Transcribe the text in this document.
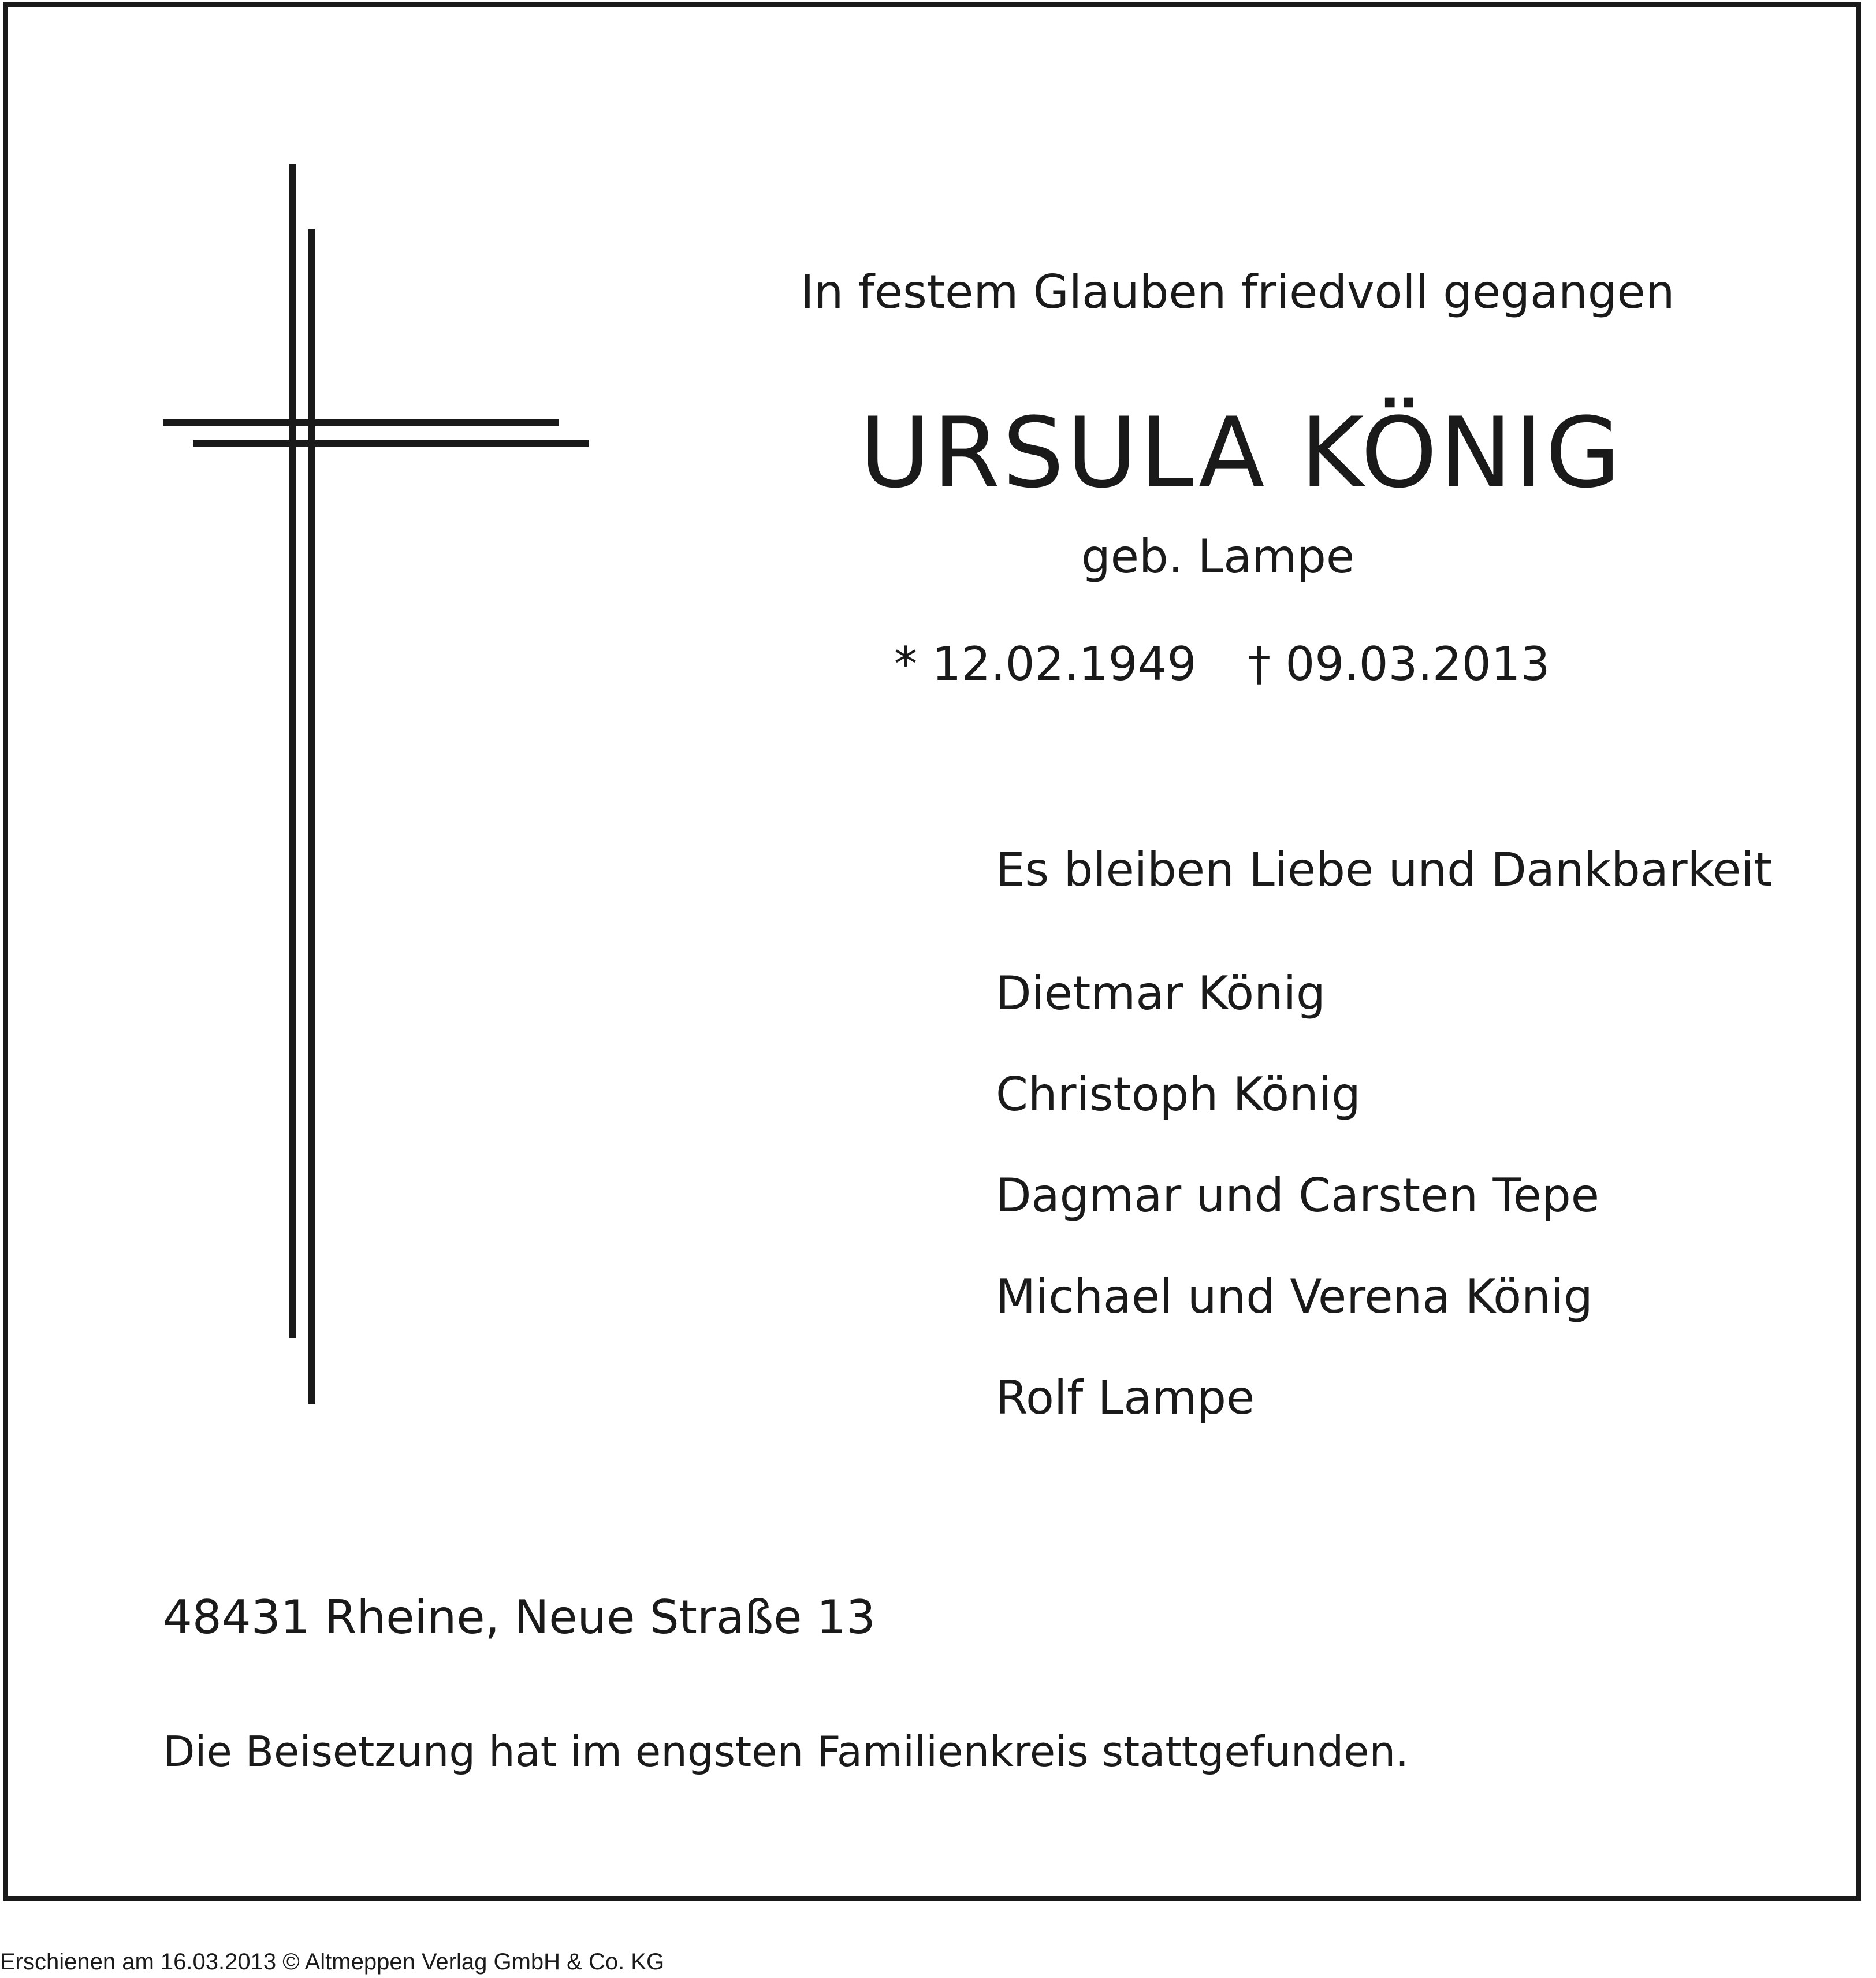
In festem Glauben friedvoll gegangen
URSULA KÖNIG
geb. Lampe
* 12.02.1949 † 09.03.2013
Es bleiben Liebe und Dankbarkeit
Dietmar König
Christoph König
Dagmar und Carsten Tepe
Michael und Verena König
Rolf Lampe
48431 Rheine, Neue Straße 13
Die Beisetzung hat im engsten Familienkreis stattgefunden.
Erschienen am 16.03.2013 © Altmeppen Verlag GmbH & Co. KG
